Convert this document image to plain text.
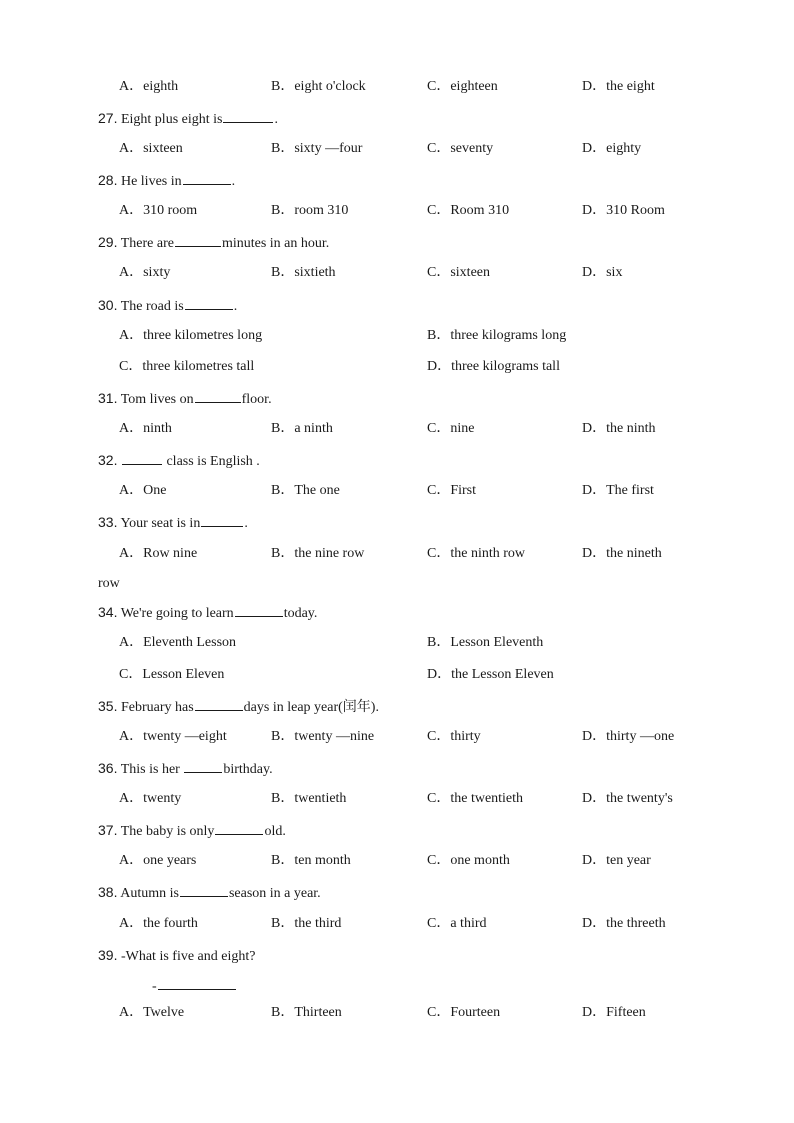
A．eighth	B．eight o'clock	C．eighteen	D．the eight
27. Eight plus eight is	.
A．sixteen	B．sixty —four	C．seventy	D．eighty
28. He lives in	.
A．310 room	B．room 310	C．Room 310	D．310 Room
29. There are	minutes in an hour.
A．sixty	B．sixtieth	C．sixteen	D．six
30. The road is	.
A．three kilometres long	B．three kilograms long
C．three kilometres tall	D．three kilograms tall
31. Tom lives on	floor.
A．ninth	B．a ninth	C．nine	D．the ninth
32.	class is English .
A．One	B．The one	C．First	D．The first
33. Your seat is in	.
A．Row nine	B．the nine row	C．the ninth row	D．the nineth
row
34. We're going to learn	today.
A．Eleventh Lesson	B．Lesson Eleventh
C．Lesson Eleven	D．the Lesson Eleven
35. February has	days in leap year(闰年).
A．twenty —eight	B．twenty —nine	C．thirty	D．thirty —one
36. This is her	birthday.
A．twenty	B．twentieth	C．the twentieth	D．the twenty's
37. The baby is only	old.
A．one years	B．ten month	C．one month	D．ten year
38. Autumn is	season in a year.
A．the fourth	B．the third	C．a third	D．the threeth
39. -What is five and eight?
-
A．Twelve	B．Thirteen	C．Fourteen	D．Fifteen
